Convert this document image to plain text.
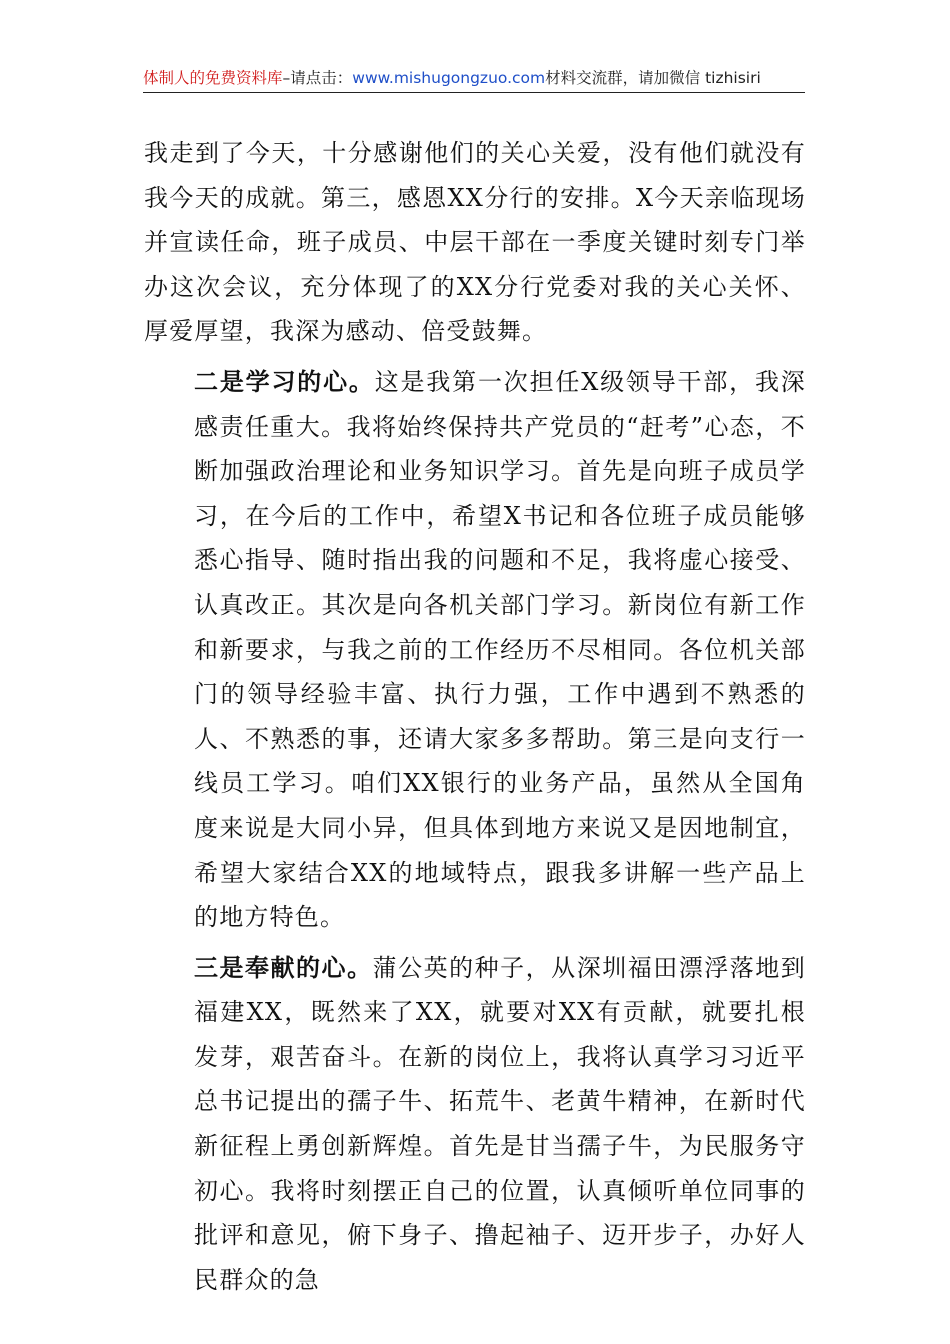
体制人的免费资料库–请点击：www.mishugongzuo.com材料交流群，请加微信 tizhisiri

我走到了今天，十分感谢他们的关心关爱，没有他们就没有我今天的成就。第三，感恩XX分行的安排。X今天亲临现场并宣读任命，班子成员、中层干部在一季度关键时刻专门举办这次会议，充分体现了的XX分行党委对我的关心关怀、厚爱厚望，我深为感动、倍受鼓舞。

二是学习的心。这是我第一次担任X级领导干部，我深感责任重大。我将始终保持共产党员的“赶考”心态，不断加强政治理论和业务知识学习。首先是向班子成员学习，在今后的工作中，希望X书记和各位班子成员能够悉心指导、随时指出我的问题和不足，我将虚心接受、认真改正。其次是向各机关部门学习。新岗位有新工作和新要求，与我之前的工作经历不尽相同。各位机关部门的领导经验丰富、执行力强，工作中遇到不熟悉的人、不熟悉的事，还请大家多多帮助。第三是向支行一线员工学习。咱们XX银行的业务产品，虽然从全国角度来说是大同小异，但具体到地方来说又是因地制宜，希望大家结合XX的地域特点，跟我多讲解一些产品上的地方特色。

三是奉献的心。蒲公英的种子，从深圳福田漂浮落地到福建XX，既然来了XX，就要对XX有贡献，就要扎根发芽，艰苦奋斗。在新的岗位上，我将认真学习习近平总书记提出的孺子牛、拓荒牛、老黄牛精神，在新时代新征程上勇创新辉煌。首先是甘当孺子牛，为民服务守初心。我将时刻摆正自己的位置，认真倾听单位同事的批评和意见，俯下身子、撸起袖子、迈开步子，办好人民群众的急
